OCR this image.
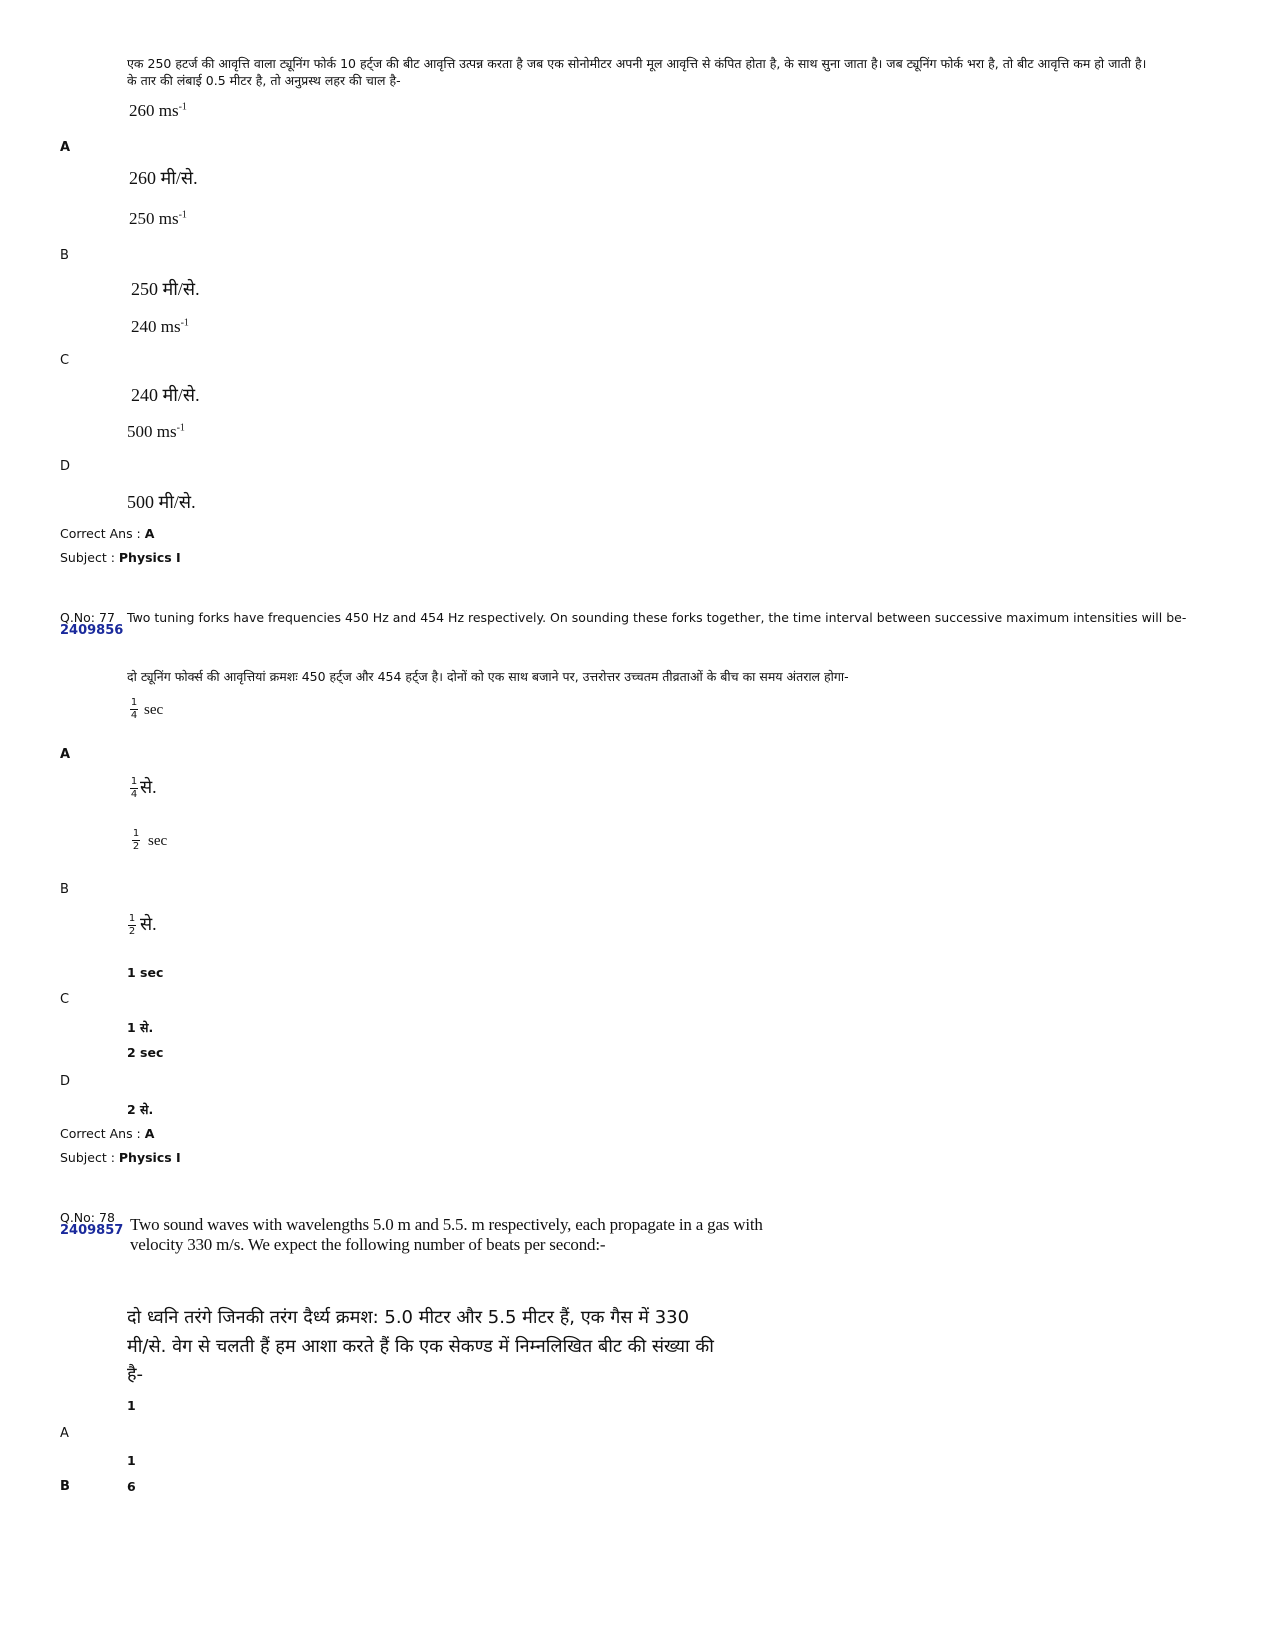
एक 250 हटर्ज की आवृत्ति वाला ट्यूनिंग फोर्क 10 हर्ट्ज की बीट आवृत्ति उत्पन्न करता है जब एक सोनोमीटर अपनी मूल आवृत्ति से कंपित होता है, के साथ सुना जाता है। जब ट्यूनिंग फोर्क भरा है, तो बीट आवृत्ति कम हो जाती है।
के तार की लंबाई 0.5 मीटर है, तो अनुप्रस्थ लहर की चाल है-
260 $ms^{-1}$
A
260 मी/से.
250 $ms^{-1}$
B
250 मी/से.
240 $ms^{-1}$
C
240 मी/से.
500 $ms^{-1}$
D
500 मी/से.
Correct Ans : A
Subject : Physics I
Q.No: 77
2409856
Two tuning forks have frequencies 450 Hz and 454 Hz respectively. On sounding these forks together, the time interval between successive maximum intensities will be-
दो ट्यूनिंग फोर्क्स की आवृत्तियां क्रमशः 450 हर्ट्ज और 454 हर्ट्ज है। दोनों को एक साथ बजाने पर, उत्तरोत्तर उच्चतम तीव्रताओं के बीच का समय अंतराल होगा-
$\frac{1}{4}$ sec
A
$\frac{1}{4}$ से.
$\frac{1}{2}$ sec
B
$\frac{1}{2}$ से.
1 sec
C
1 से.
2 sec
D
2 से.
Correct Ans : A
Subject : Physics I
Q.No: 78
2409857 Two sound waves with wavelengths 5.0 m and 5.5. m respectively, each propagate in a gas with
velocity 330 m/s. We expect the following number of beats per second:-
दो ध्वनि तरंगे जिनकी तरंग दैर्ध्य क्रमश: 5.0 मीटर और 5.5 मीटर हैं, एक गैस में 330
मी/से. वेग से चलती हैं हम आशा करते हैं कि एक सेकण्ड में निम्नलिखित बीट की संख्या की
है-
1
A
1
B	6
